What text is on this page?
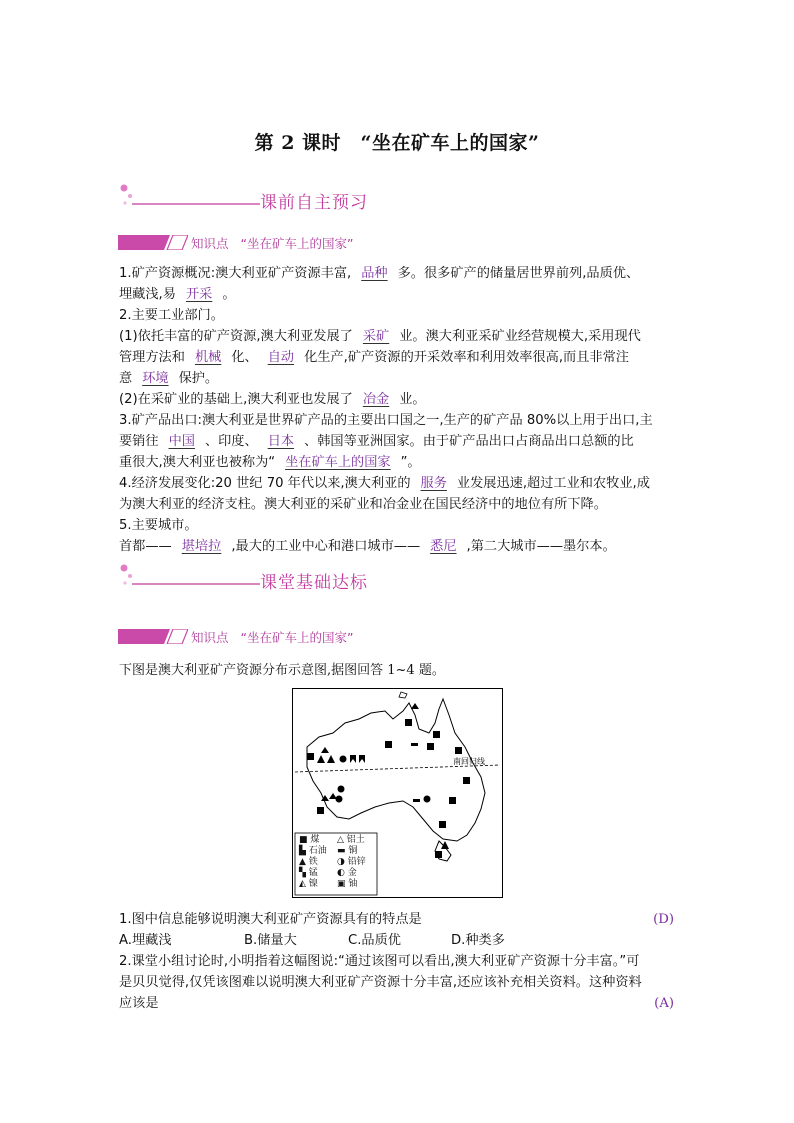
第 2 课时　“坐在矿车上的国家”
课前自主预习
知识点 “坐在矿车上的国家”

1.矿产资源概况:澳大利亚矿产资源丰富, 品种 多。很多矿产的储量居世界前列,品质优、

埋藏浅,易 开采 。

2.主要工业部门。

(1)依托丰富的矿产资源,澳大利亚发展了 采矿 业。澳大利亚采矿业经营规模大,采用现代

管理方法和 机械 化、 自动 化生产,矿产资源的开采效率和利用效率很高,而且非常注

意 环境 保护。

(2)在采矿业的基础上,澳大利亚也发展了 冶金 业。

3.矿产品出口:澳大利亚是世界矿产品的主要出口国之一,生产的矿产品 80%以上用于出口,主

要销往 中国 、印度、 日本 、韩国等亚洲国家。由于矿产品出口占商品出口总额的比

重很大,澳大利亚也被称为“ 坐在矿车上的国家 ”。

4.经济发展变化:20 世纪 70 年代以来,澳大利亚的 服务 业发展迅速,超过工业和农牧业,成

为澳大利亚的经济支柱。澳大利亚的采矿业和冶金业在国民经济中的地位有所下降。

5.主要城市。

首都—— 堪培拉 ,最大的工业中心和港口城市—— 悉尼 ,第二大城市——墨尔本。

课堂基础达标
知识点 “坐在矿车上的国家”
下图是澳大利亚矿产资源分布示意图,据图回答 1~4 题。
南回归线
■ 煤	△ 铝土
▙ 石油	▬ 铜
▲ 铁	◑ 铅锌
▚ 锰	◐ 金
◭ 镍	▣ 铀
1.图中信息能够说明澳大利亚矿产资源具有的特点是	(D)
A.埋藏浅	B.储量大	C.品质优	D.种类多
2.课堂小组讨论时,小明指着这幅图说:“通过该图可以看出,澳大利亚矿产资源十分丰富。”可
是贝贝觉得,仅凭该图难以说明澳大利亚矿产资源十分丰富,还应该补充相关资料。这种资料
应该是	(A)
